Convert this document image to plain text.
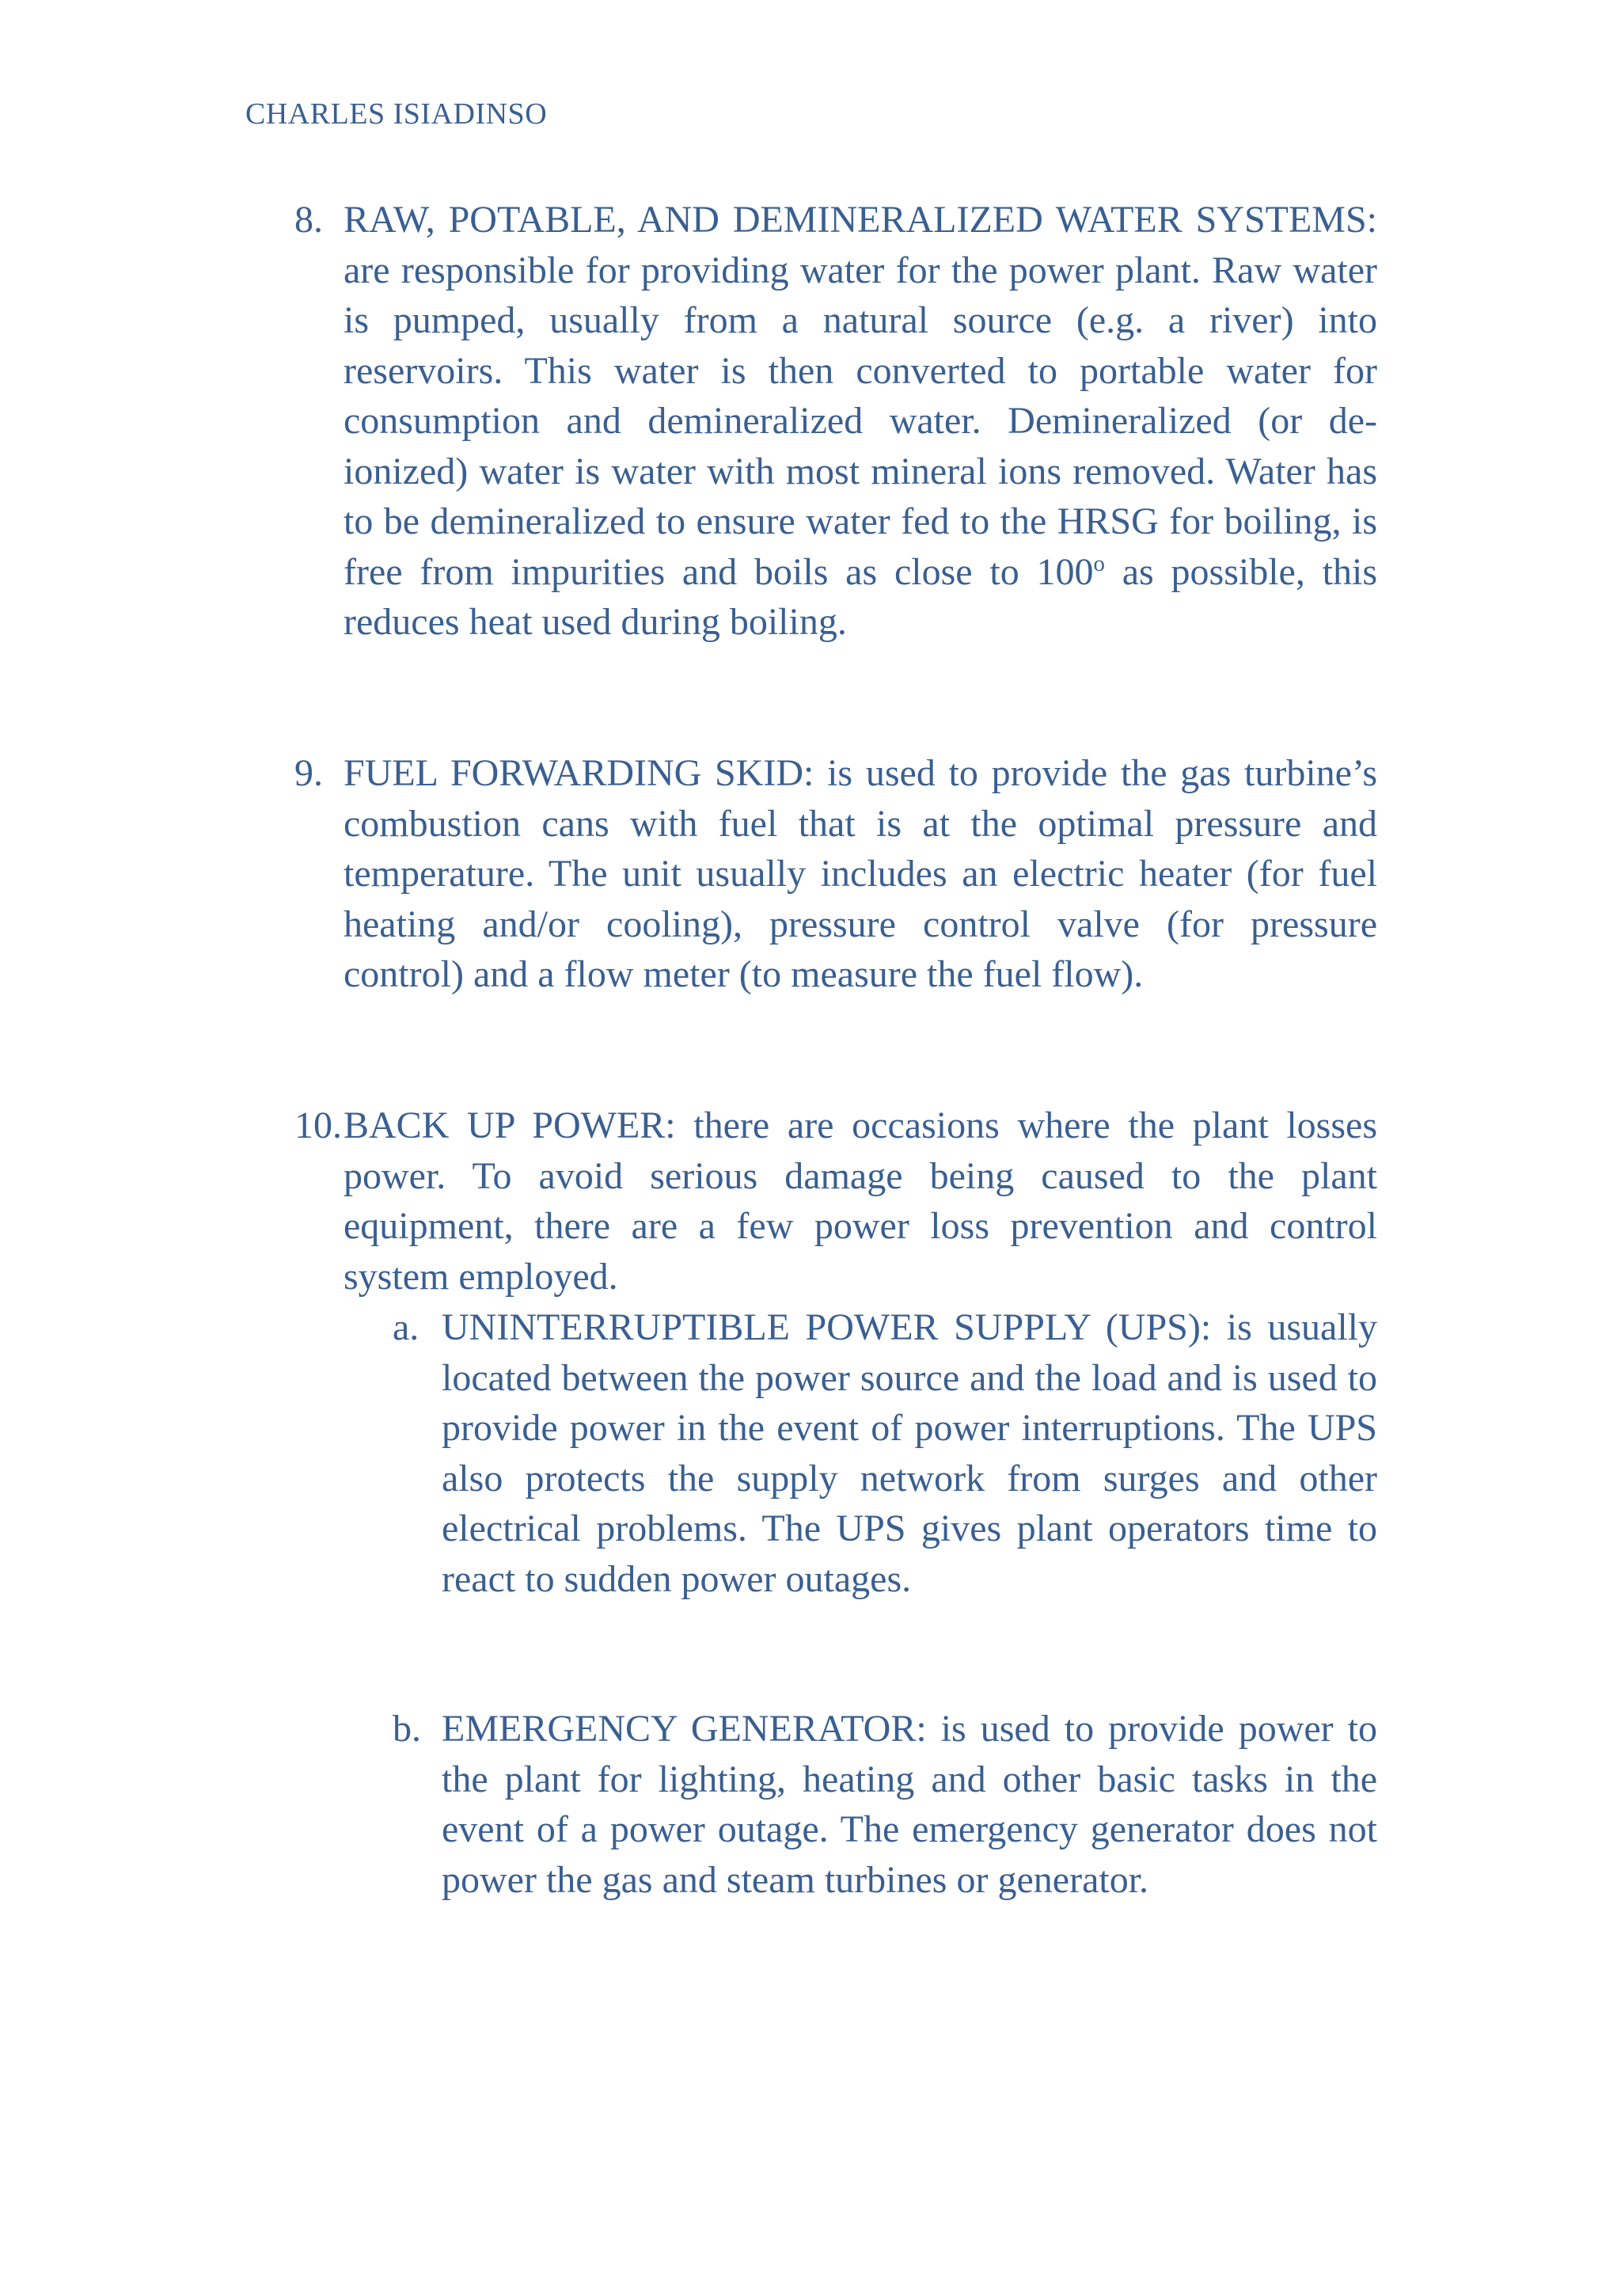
CHARLES ISIADINSO
8. RAW, POTABLE, AND DEMINERALIZED WATER SYSTEMS: are responsible for providing water for the power plant. Raw water is pumped, usually from a natural source (e.g. a river) into reservoirs. This water is then converted to portable water for consumption and demineralized water. Demineralized (or de-ionized) water is water with most mineral ions removed. Water has to be demineralized to ensure water fed to the HRSG for boiling, is free from impurities and boils as close to 100$^o$ as possible, this reduces heat used during boiling.
9. FUEL FORWARDING SKID: is used to provide the gas turbine’s combustion cans with fuel that is at the optimal pressure and temperature. The unit usually includes an electric heater (for fuel heating and/or cooling), pressure control valve (for pressure control) and a flow meter (to measure the fuel flow).
10. BACK UP POWER: there are occasions where the plant losses power. To avoid serious damage being caused to the plant equipment, there are a few power loss prevention and control system employed.
a. UNINTERRUPTIBLE POWER SUPPLY (UPS): is usually located between the power source and the load and is used to provide power in the event of power interruptions. The UPS also protects the supply network from surges and other electrical problems. The UPS gives plant operators time to react to sudden power outages.
b. EMERGENCY GENERATOR: is used to provide power to the plant for lighting, heating and other basic tasks in the event of a power outage. The emergency generator does not power the gas and steam turbines or generator.
